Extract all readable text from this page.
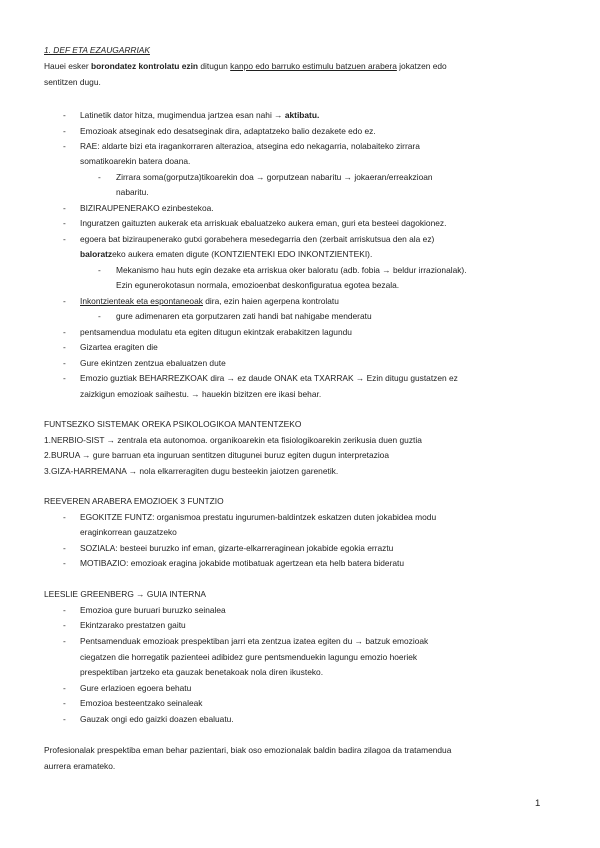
1. DEF ETA EZAUGARRIAK
Hauei esker borondatez kontrolatu ezin ditugun kanpo edo barruko estimulu batzuen arabera jokatzen edo
sentitzen dugu.
- Latinetik dator hitza, mugimendua jartzea esan nahi → aktibatu.
- Emozioak atseginak edo desatseginak dira, adaptatzeko balio dezakete edo ez.
- RAE: aldarte bizi eta iragankorraren alterazioa, atsegina edo nekagarria, nolabaiteko zirrara
somatikoarekin batera doana.
- Zirrara soma(gorputza)tikoarekin doa → gorputzean nabaritu → jokaeran/erreakzioan
nabaritu.
- BIZIRAUPENERAKO ezinbestekoa.
- Inguratzen gaituzten aukerak eta arriskuak ebaluatzeko aukera eman, guri eta besteei dagokionez.
- egoera bat biziraupenerako gutxi gorabehera mesedegarria den (zerbait arriskutsua den ala ez)
baloratzeko aukera ematen digute (KONTZIENTEKI EDO INKONTZIENTEKI).
- Mekanismo hau huts egin dezake eta arriskua oker baloratu (adb. fobia → beldur irrazionalak).
Ezin egunerokotasun normala, emozioenbat deskonfiguratua egotea bezala.
- Inkontzienteak eta espontaneoak dira, ezin haien agerpena kontrolatu
- gure adimenaren eta gorputzaren zati handi bat nahigabe menderatu
- pentsamendua modulatu eta egiten ditugun ekintzak erabakitzen lagundu
- Gizartea eragiten die
- Gure ekintzen zentzua ebaluatzen dute
- Emozio guztiak BEHARREZKOAK dira → ez daude ONAK eta TXARRAK → Ezin ditugu gustatzen ez
zaizkigun emozioak saihestu. → hauekin bizitzen ere ikasi behar.
FUNTSEZKO SISTEMAK OREKA PSIKOLOGIKOA MANTENTZEKO
1.NERBIO-SIST → zentrala eta autonomoa. organikoarekin eta fisiologikoarekin zerikusia duen guztia
2.BURUA → gure barruan eta inguruan sentitzen ditugunei buruz egiten dugun interpretazioa
3.GIZA-HARREMANA → nola elkarreragiten dugu besteekin jaiotzen garenetik.
REEVEREN ARABERA EMOZIOEK 3 FUNTZIO
- EGOKITZE FUNTZ: organismoa prestatu ingurumen-baldintzek eskatzen duten jokabidea modu
eraginkorrean gauzatzeko
- SOZIALA: besteei buruzko inf eman, gizarte-elkarreraginean jokabide egokia erraztu
- MOTIBAZIO: emozioak eragina jokabide motibatuak agertzean eta helb batera bideratu
LEESLIE GREENBERG → GUIA INTERNA
- Emozioa gure buruari buruzko seinalea
- Ekintzarako prestatzen gaitu
- Pentsamenduak emozioak prespektiban jarri eta zentzua izatea egiten du → batzuk emozioak
ciegatzen die horregatik pazienteei adibidez gure pentsmenduekin lagungu emozio hoeriek
prespektiban jartzeko eta gauzak benetakoak nola diren ikusteko.
- Gure erlazioen egoera behatu
- Emozioa besteentzako seinaleak
- Gauzak ongi edo gaizki doazen ebaluatu.
Profesionalak prespektiba eman behar pazientari, biak oso emozionalak baldin badira zilagoa da tratamendua
aurrera eramateko.
1
